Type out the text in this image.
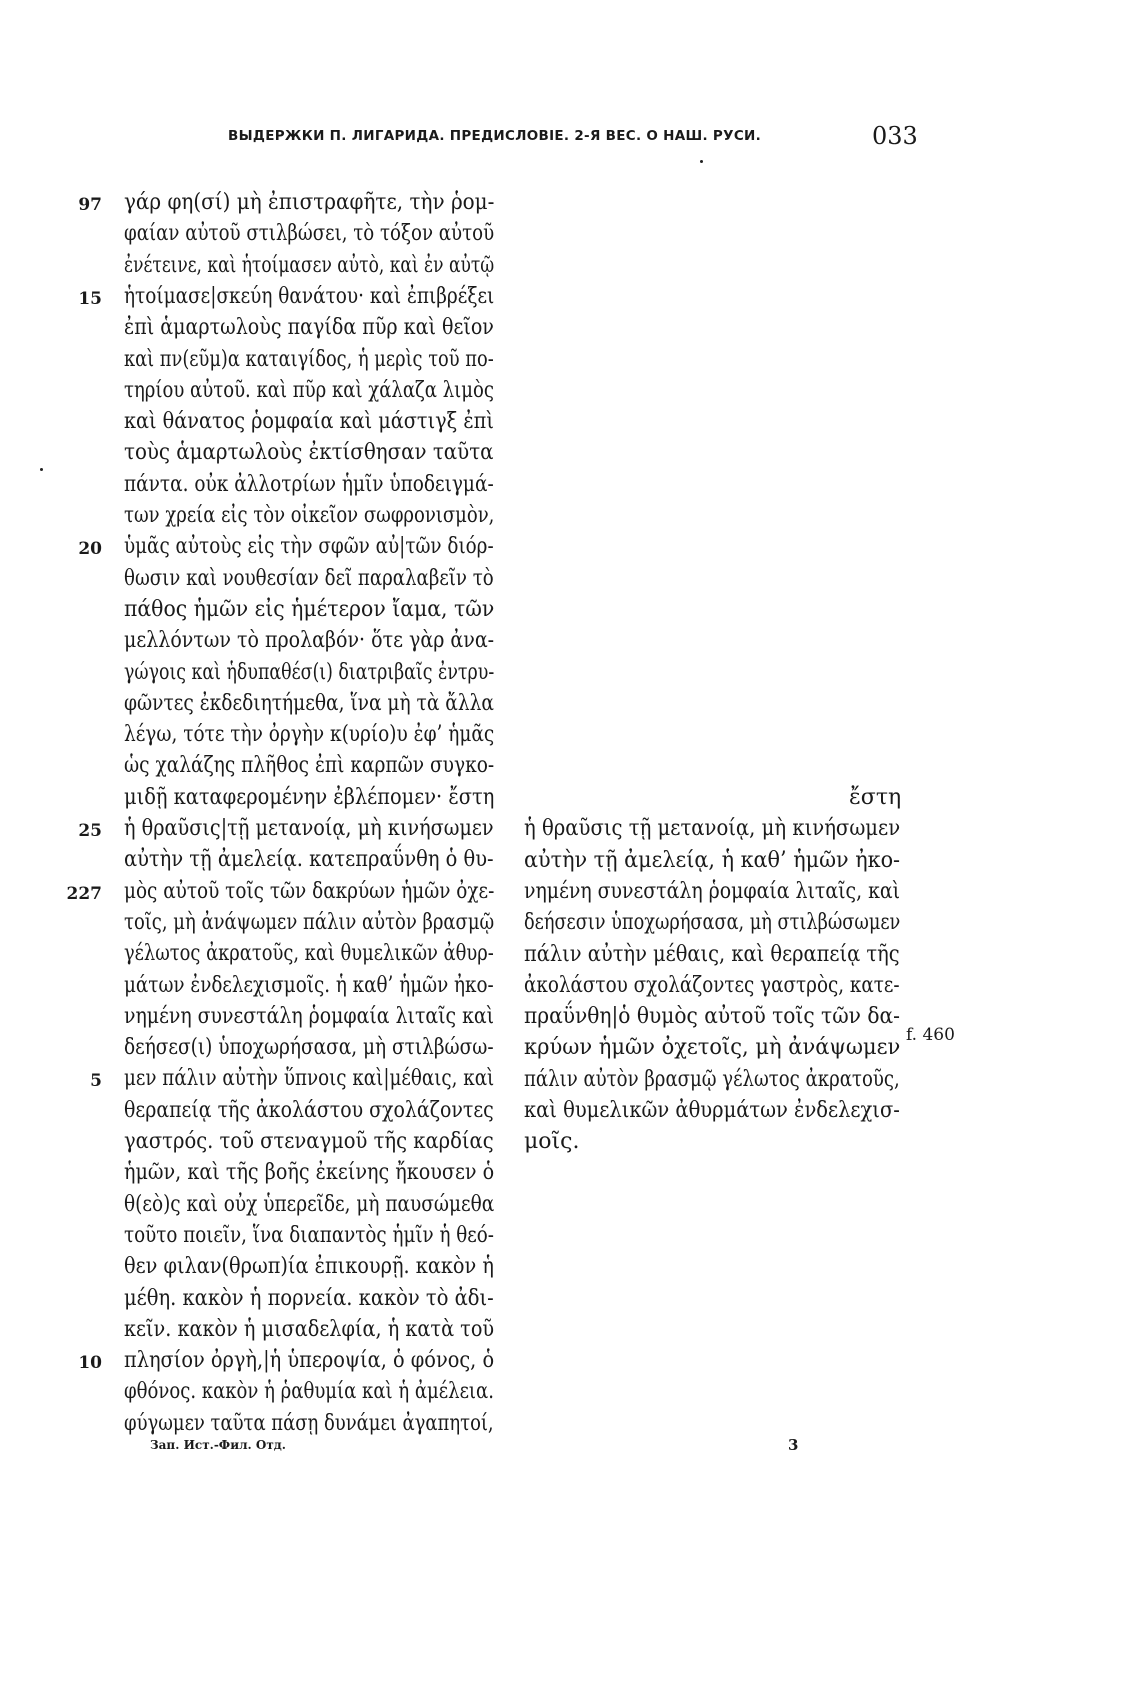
ВЫДЕРЖКИ П. ЛИГАРИДА. ПРЕДИСЛОВІЕ. 2-Я ВЕС. О НАШ. РУСИ.	033
γάρ φη(σί) μὴ ἐπιστραφῆτε, τὴν ῥομ-
φαίαν αὐτοῦ στιλβώσει, τὸ τόξον αὐτοῦ
ἐνέτεινε, καὶ ἡτοίμασεν αὐτὸ, καὶ ἐν αὐτῷ
ἡτοίμασε|σκεύη θανάτου· καὶ ἐπιβρέξει
ἐπὶ ἁμαρτωλοὺς παγίδα πῦρ καὶ θεῖον
καὶ πν(εῦμ)α καταιγίδος, ἡ μερὶς τοῦ πο-
τηρίου αὐτοῦ. καὶ πῦρ καὶ χάλαζα λιμὸς
καὶ θάνατος ῥομφαία καὶ μάστιγξ ἐπὶ
τοὺς ἁμαρτωλοὺς ἐκτίσθησαν ταῦτα
πάντα. οὐκ ἀλλοτρίων ἡμῖν ὑποδειγμά-
των χρεία εἰς τὸν οἰκεῖον σωφρονισμὸν,
ὑμᾶς αὐτοὺς εἰς τὴν σφῶν αὐ|τῶν διόρ-
θωσιν καὶ νουθεσίαν δεῖ παραλαβεῖν τὸ
πάθος ἡμῶν εἰς ἡμέτερον ἴαμα, τῶν
μελλόντων τὸ προλαβόν· ὅτε γὰρ ἀνα-
γώγοις καὶ ἡδυπαθέσ(ι) διατριβαῖς ἐντρυ-
φῶντες ἐκδεδιητήμεθα, ἵνα μὴ τὰ ἄλλα
λέγω, τότε τὴν ὀργὴν κ(υρίο)υ ἐφ’ ἡμᾶς
ὡς χαλάζης πλῆθος ἐπὶ καρπῶν συγκο-
μιδῇ καταφερομένην ἐβλέπομεν· ἔστη
ἡ θραῦσις|τῇ μετανοίᾳ, μὴ κινήσωμεν
αὐτὴν τῇ ἀμελείᾳ. κατεπραΰνθη ὁ θυ-
μὸς αὐτοῦ τοῖς τῶν δακρύων ἡμῶν ὀχε-
τοῖς, μὴ ἀνάψωμεν πάλιν αὐτὸν βρασμῷ
γέλωτος ἀκρατοῦς, καὶ θυμελικῶν ἀθυρ-
μάτων ἐνδελεχισμοῖς. ἡ καθ’ ἡμῶν ἠκο-
νημένη συνεστάλη ῥομφαία λιταῖς καὶ
δεήσεσ(ι) ὑποχωρήσασα, μὴ στιλβώσω-
μεν πάλιν αὐτὴν ὕπνοις καὶ|μέθαις, καὶ
θεραπείᾳ τῆς ἀκολάστου σχολάζοντες
γαστρός. τοῦ στεναγμοῦ τῆς καρδίας
ἡμῶν, καὶ τῆς βοῆς ἐκείνης ἤκουσεν ὁ
θ(εὸ)ς καὶ οὐχ ὑπερεῖδε, μὴ παυσώμεθα
τοῦτο ποιεῖν, ἵνα διαπαντὸς ἡμῖν ἡ θεό-
θεν φιλαν(θρωπ)ία ἐπικουρῇ. κακὸν ἡ
μέθη. κακὸν ἡ πορνεία. κακὸν τὸ ἀδι-
κεῖν. κακὸν ἡ μισαδελφία, ἡ κατὰ τοῦ
πλησίον ὀργὴ,|ἡ ὑπεροψία, ὁ φόνος, ὁ
φθόνος. κακὸν ἡ ῥαθυμία καὶ ἡ ἀμέλεια.
φύγωμεν ταῦτα πάσῃ δυνάμει ἀγαπητοί,
97
15
20
25
227
5
10
ἔστη
ἡ θραῦσις τῇ μετανοίᾳ, μὴ κινήσωμεν
αὐτὴν τῇ ἀμελείᾳ, ἡ καθ’ ἡμῶν ἠκο-
νημένη συνεστάλη ῥομφαία λιταῖς, καὶ
δεήσεσιν ὑποχωρήσασα, μὴ στιλβώσωμεν
πάλιν αὐτὴν μέθαις, καὶ θεραπείᾳ τῆς
ἀκολάστου σχολάζοντες γαστρὸς, κατε-
πραΰνθη|ὁ θυμὸς αὐτοῦ τοῖς τῶν δα-
κρύων ἡμῶν ὀχετοῖς, μὴ ἀνάψωμεν
πάλιν αὐτὸν βρασμῷ γέλωτος ἀκρατοῦς,
καὶ θυμελικῶν ἀθυρμάτων ἐνδελεχισ-
μοῖς.
f. 460
Зап. Ист.-Фил. Отд.	3
